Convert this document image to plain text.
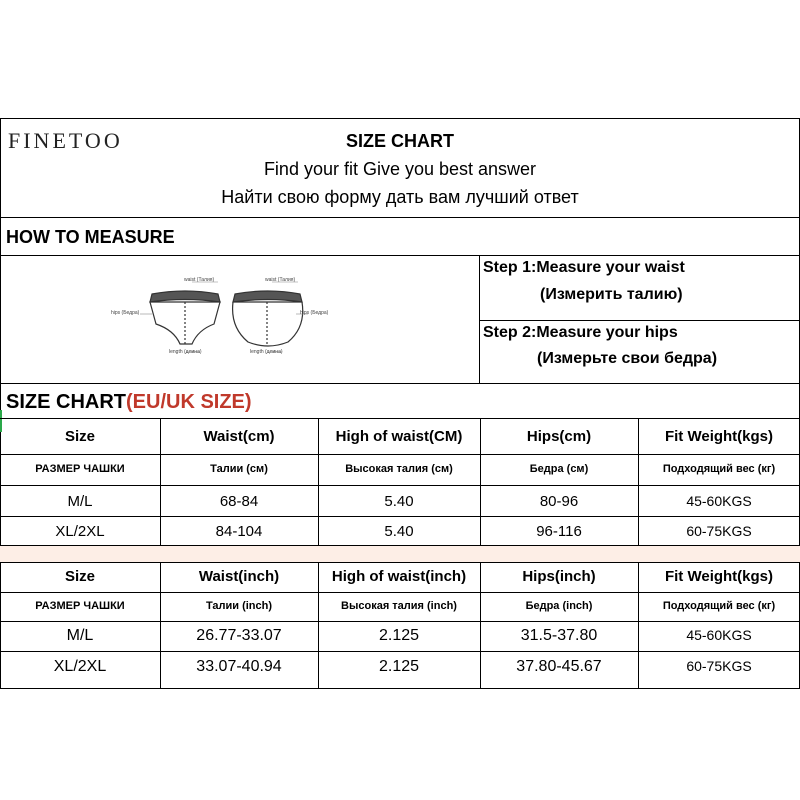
FINETOO	SIZE CHART
Find your fit Give you best answer
Найти свою форму дать вам лучший ответ
HOW TO MEASURE
waist (Талия)	waist (Талия)
hips (Бедра)	hips (Бедра)
length (длина)	length (длина)
Step 1:Measure your waist
(Измерить талию)
Step 2:Measure your hips
(Измерьте свои бедра)
SIZE CHART(EU/UK SIZE)
Size	Waist(cm)	High of waist(CM)	Hips(cm)	Fit Weight(kgs)
РАЗМЕР ЧАШКИ	Талии (см)	Высокая талия (см)	Бедра (см)	Подходящий вес (кг)
M/L	68-84	5.40	80-96	45-60KGS
XL/2XL	84-104	5.40	96-116	60-75KGS
Size	Waist(inch)	High of waist(inch)	Hips(inch)	Fit Weight(kgs)
РАЗМЕР ЧАШКИ	Талии (inch)	Высокая талия (inch)	Бедра (inch)	Подходящий вес (кг)
M/L	26.77-33.07	2.125	31.5-37.80	45-60KGS
XL/2XL	33.07-40.94	2.125	37.80-45.67	60-75KGS
